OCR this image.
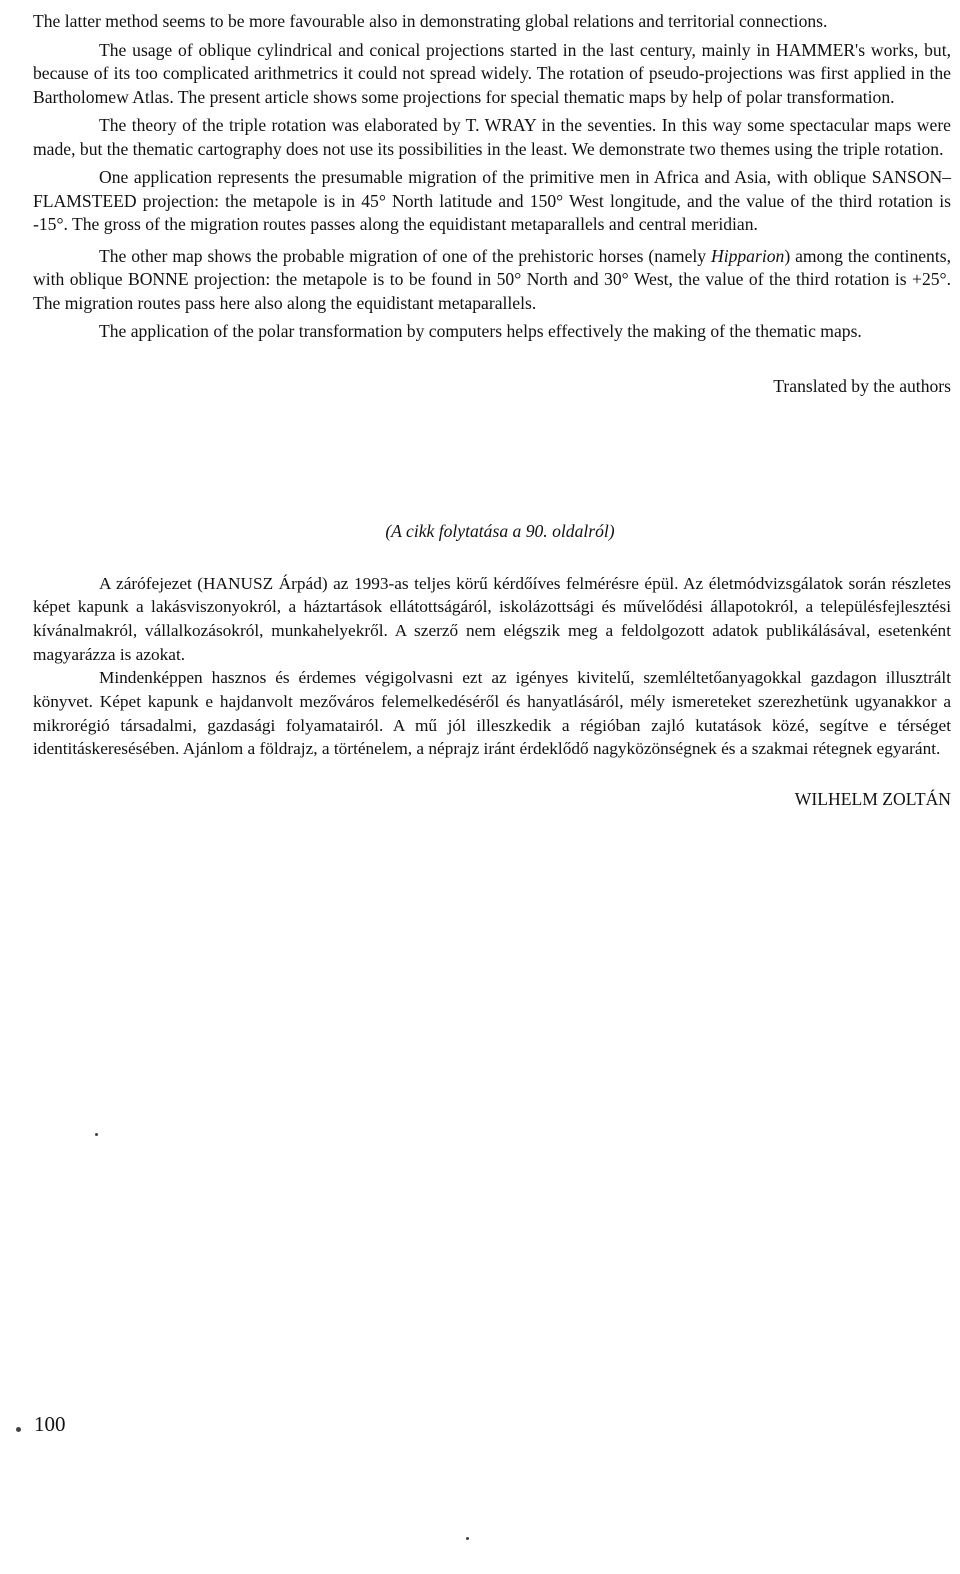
The latter method seems to be more favourable also in demonstrating global relations and territorial connections.

The usage of oblique cylindrical and conical projections started in the last century, mainly in HAMMER's works, but, because of its too complicated arithmetrics it could not spread widely. The rotation of pseudo-projections was first applied in the Bartholomew Atlas. The present article shows some projections for special thematic maps by help of polar transformation.

The theory of the triple rotation was elaborated by T. WRAY in the seventies. In this way some spectacular maps were made, but the thematic cartography does not use its possibilities in the least. We demonstrate two themes using the triple rotation.

One application represents the presumable migration of the primitive men in Africa and Asia, with oblique SANSON–FLAMSTEED projection: the metapole is in 45° North latitude and 150° West longitude, and the value of the third rotation is -15°. The gross of the migration routes passes along the equidistant metaparallels and central meridian.

The other map shows the probable migration of one of the prehistoric horses (namely Hipparion) among the continents, with oblique BONNE projection: the metapole is to be found in 50° North and 30° West, the value of the third rotation is +25°. The migration routes pass here also along the equidistant metaparallels.

The application of the polar transformation by computers helps effectively the making of the thematic maps.

Translated by the authors
(A cikk folytatása a 90. oldalról)

A zárófejezet (HANUSZ Árpád) az 1993-as teljes körű kérdőíves felmérésre épül. Az életmódvizsgálatok során részletes képet kapunk a lakásviszonyokról, a háztartások ellátottságáról, iskolázottsági és művelődési állapotokról, a településfejlesztési kívánalmakról, vállalkozásokról, munkahelyekről. A szerző nem elégszik meg a feldolgozott adatok publikálásával, esetenként magyarázza is azokat.

Mindenképpen hasznos és érdemes végigolvasni ezt az igényes kivitelű, szemléltetőanyagokkal gazdagon illusztrált könyvet. Képet kapunk e hajdanvolt mezőváros felemelkedéséről és hanyatlásáról, mély ismereteket szerezhetünk ugyanakkor a mikrorégió társadalmi, gazdasági folyamatairól. A mű jól illeszkedik a régióban zajló kutatások közé, segítve e térséget identitáskeresésében. Ajánlom a földrajz, a történelem, a néprajz iránt érdeklődő nagyközönségnek és a szakmai rétegnek egyaránt.

WILHELM ZOLTÁN
100
